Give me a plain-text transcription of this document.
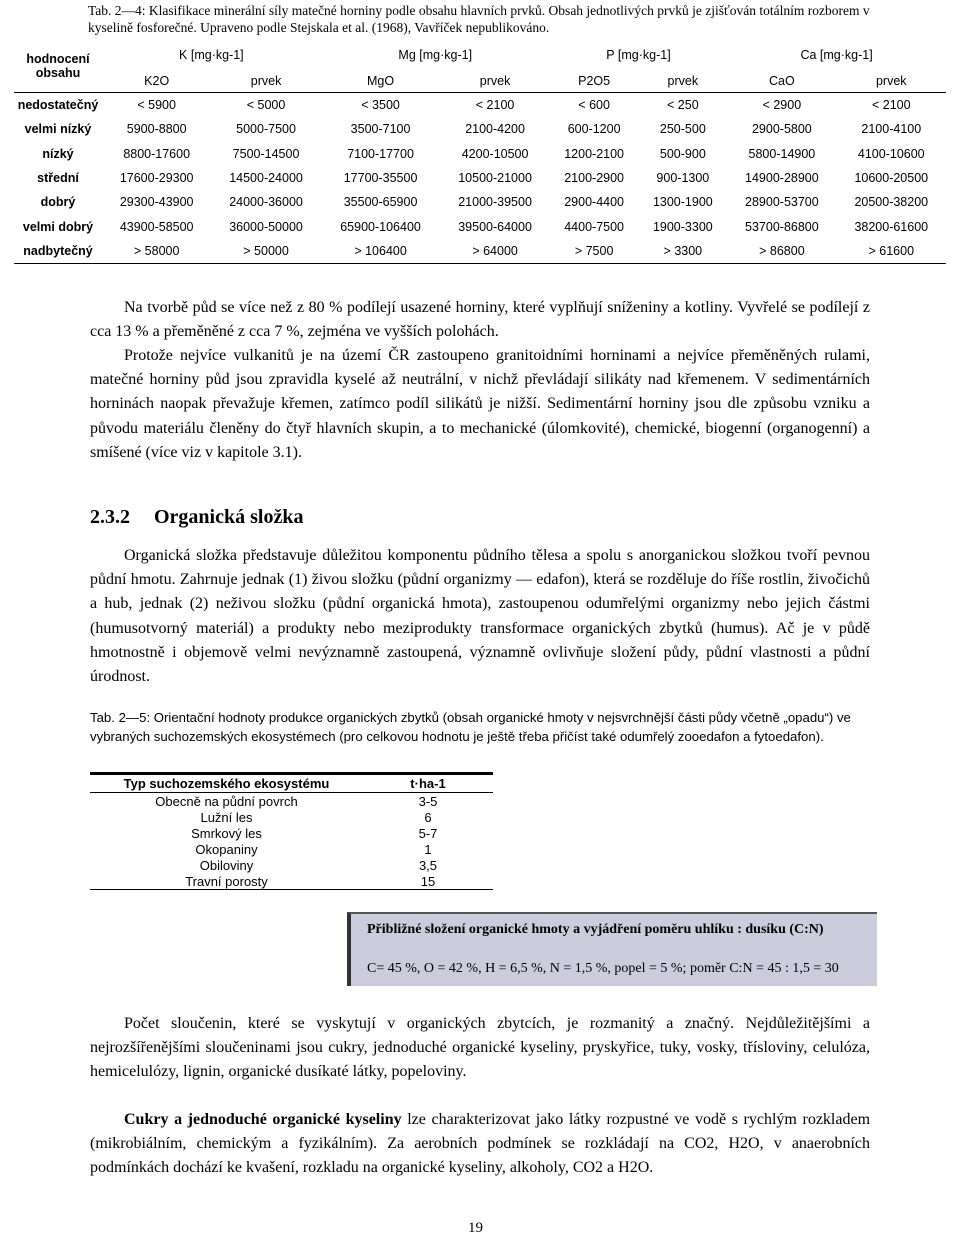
Tab. 2—4: Klasifikace minerální síly matečné horniny podle obsahu hlavních prvků. Obsah jednotlivých prvků je zjišťován totálním rozborem v kyselině fosforečné. Upraveno podle Stejskala et al. (1968), Vavříček nepublikováno.
hodnocení obsahu	K [mg·kg-1]		Mg [mg·kg-1]		P [mg·kg-1]		Ca [mg·kg-1]	
	K2O	prvek	MgO	prvek	P2O5	prvek	CaO	prvek
nedostatečný	< 5900	< 5000	< 3500	< 2100	< 600	< 250	< 2900	< 2100
velmi nízký	5900-8800	5000-7500	3500-7100	2100-4200	600-1200	250-500	2900-5800	2100-4100
nízký	8800-17600	7500-14500	7100-17700	4200-10500	1200-2100	500-900	5800-14900	4100-10600
střední	17600-29300	14500-24000	17700-35500	10500-21000	2100-2900	900-1300	14900-28900	10600-20500
dobrý	29300-43900	24000-36000	35500-65900	21000-39500	2900-4400	1300-1900	28900-53700	20500-38200
velmi dobrý	43900-58500	36000-50000	65900-106400	39500-64000	4400-7500	1900-3300	53700-86800	38200-61600
nadbytečný	> 58000	> 50000	> 106400	> 64000	> 7500	> 3300	> 86800	> 61600
Na tvorbě půd se více než z 80 % podílejí usazené horniny, které vyplňují sníženiny a kotliny. Vyvřelé se podílejí z cca 13 % a přeměněné z cca 7 %, zejména ve vyšších polohách.
Protože nejvíce vulkanitů je na území ČR zastoupeno granitoidními horninami a nejvíce přeměněných rulami, matečné horniny půd jsou zpravidla kyselé až neutrální, v nichž převládají silikáty nad křemenem. V sedimentárních horninách naopak převažuje křemen, zatímco podíl silikátů je nižší. Sedimentární horniny jsou dle způsobu vzniku a původu materiálu členěny do čtyř hlavních skupin, a to mechanické (úlomkovité), chemické, biogenní (organogenní) a smíšené (více viz v kapitole 3.1).
2.3.2 Organická složka
Organická složka představuje důležitou komponentu půdního tělesa a spolu s anorganickou složkou tvoří pevnou půdní hmotu. Zahrnuje jednak (1) živou složku (půdní organizmy — edafon), která se rozděluje do říše rostlin, živočichů a hub, jednak (2) neživou složku (půdní organická hmota), zastoupenou odumřelými organizmy nebo jejich částmi (humusotvorný materiál) a produkty nebo meziprodukty transformace organických zbytků (humus). Ač je v půdě hmotnostně i objemově velmi nevýznamně zastoupená, významně ovlivňuje složení půdy, půdní vlastnosti a půdní úrodnost.
Tab. 2—5: Orientační hodnoty produkce organických zbytků (obsah organické hmoty v nejsvrchnější části půdy včetně „opadu“) ve vybraných suchozemských ekosystémech (pro celkovou hodnotu je ještě třeba přičíst také odumřelý zooedafon a fytoedafon).
Typ suchozemského ekosystému	t·ha-1
Obecně na půdní povrch	3-5
Lužní les	6
Smrkový les	5-7
Okopaniny	1
Obiloviny	3,5
Travní porosty	15
Přibližné složení organické hmoty a vyjádření poměru uhlíku : dusíku (C:N)
C= 45 %, O = 42 %, H = 6,5 %, N = 1,5 %, popel = 5 %; poměr C:N = 45 : 1,5 = 30
Počet sloučenin, které se vyskytují v organických zbytcích, je rozmanitý a značný. Nejdůležitějšími a nejrozšířenějšími sloučeninami jsou cukry, jednoduché organické kyseliny, pryskyřice, tuky, vosky, třísloviny, celulóza, hemicelulózy, lignin, organické dusíkaté látky, popeloviny.
Cukry a jednoduché organické kyseliny lze charakterizovat jako látky rozpustné ve vodě s rychlým rozkladem (mikrobiálním, chemickým a fyzikálním). Za aerobních podmínek se rozkládají na CO2, H2O, v anaerobních podmínkách dochází ke kvašení, rozkladu na organické kyseliny, alkoholy, CO2 a H2O.
19
